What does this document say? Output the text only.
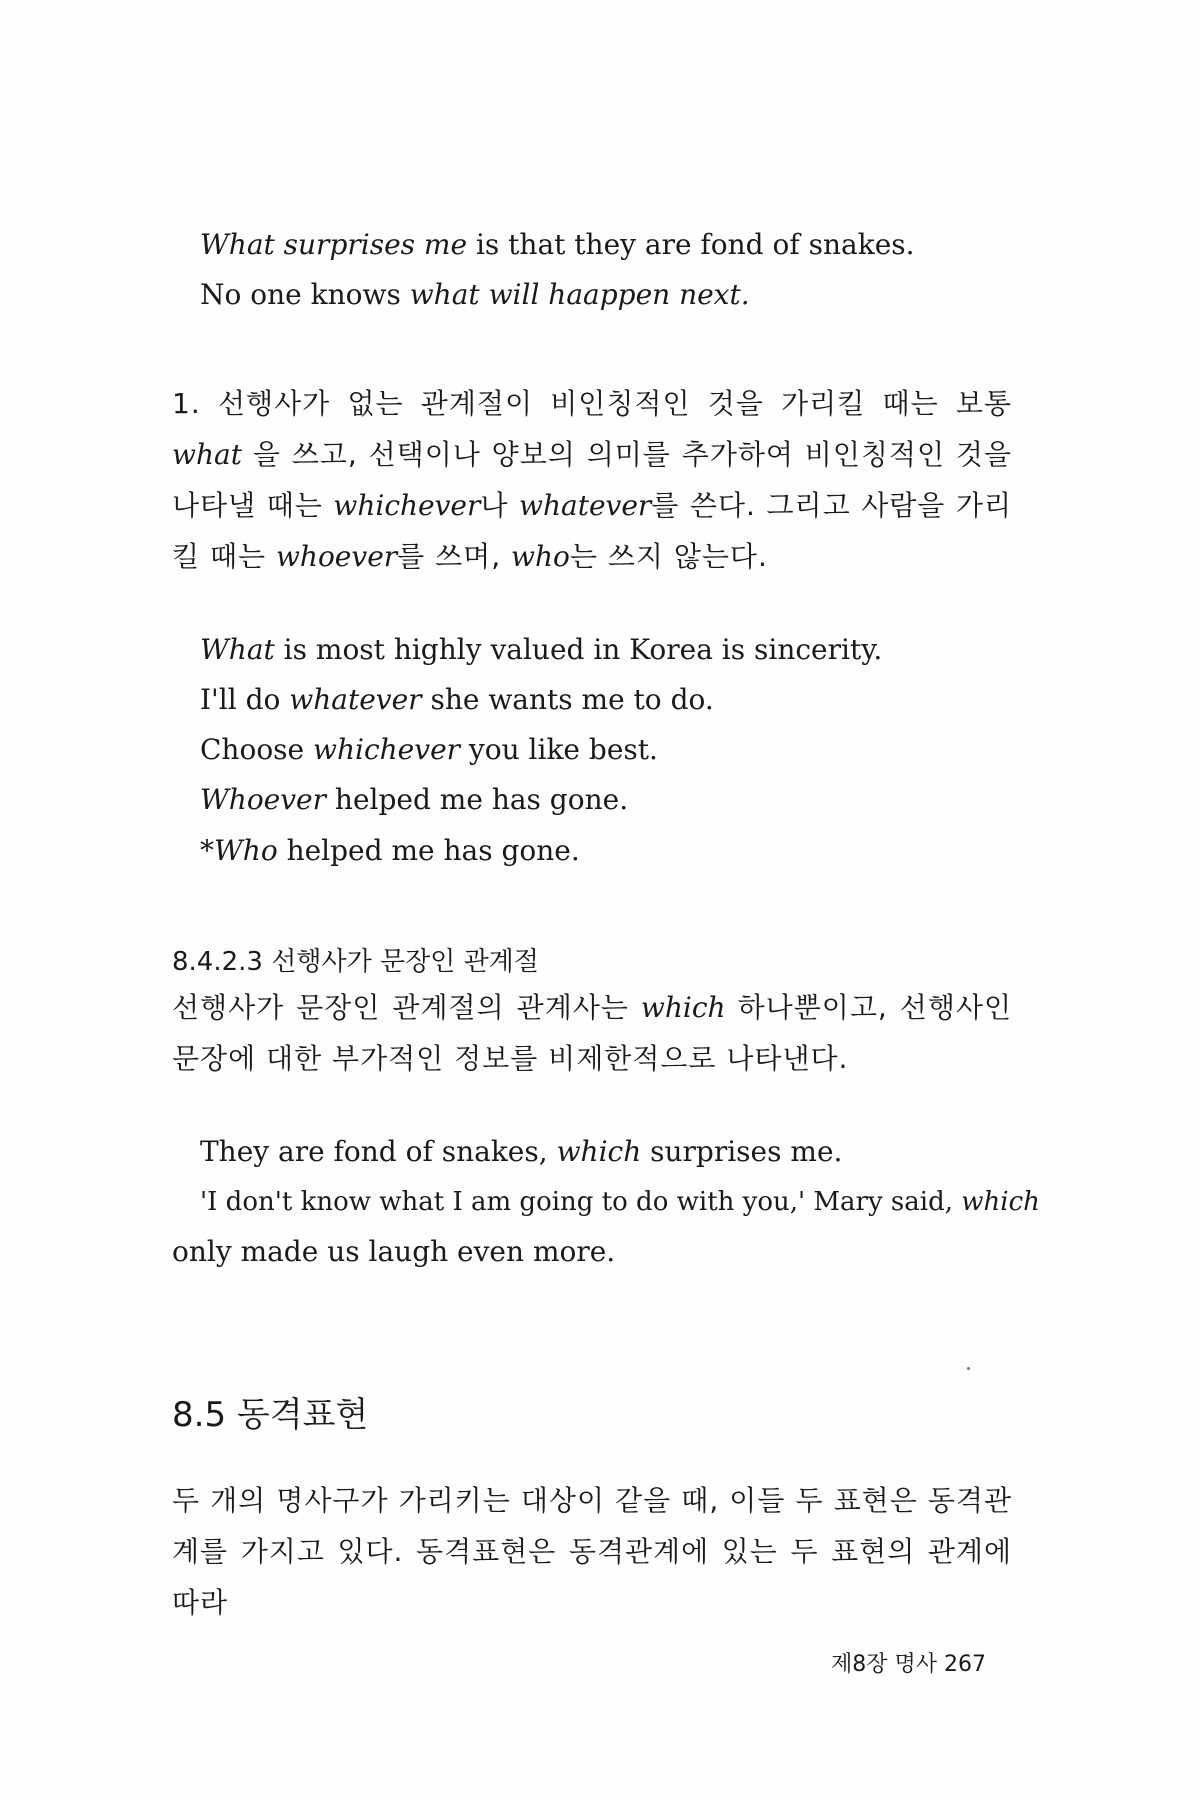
What surprises me is that they are fond of snakes.
No one knows what will haappen next.
1. 선행사가 없는 관계절이 비인칭적인 것을 가리킬 때는 보통 what 을 쓰고, 선택이나 양보의 의미를 추가하여 비인칭적인 것을 나타낼 때는 whichever나 whatever를 쓴다. 그리고 사람을 가리킬 때는 whoever를 쓰며, who는 쓰지 않는다.
What is most highly valued in Korea is sincerity.
I'll do whatever she wants me to do.
Choose whichever you like best.
Whoever helped me has gone.
*Who helped me has gone.
8.4.2.3 선행사가 문장인 관계절
선행사가 문장인 관계절의 관계사는 which 하나뿐이고, 선행사인 문장에 대한 부가적인 정보를 비제한적으로 나타낸다.
They are fond of snakes, which surprises me.
'I don't know what I am going to do with you,' Mary said, which
only made us laugh even more.
8.5 동격표현
두 개의 명사구가 가리키는 대상이 같을 때, 이들 두 표현은 동격관계를 가지고 있다. 동격표현은 동격관계에 있는 두 표현의 관계에 따라
제8장 명사 267
